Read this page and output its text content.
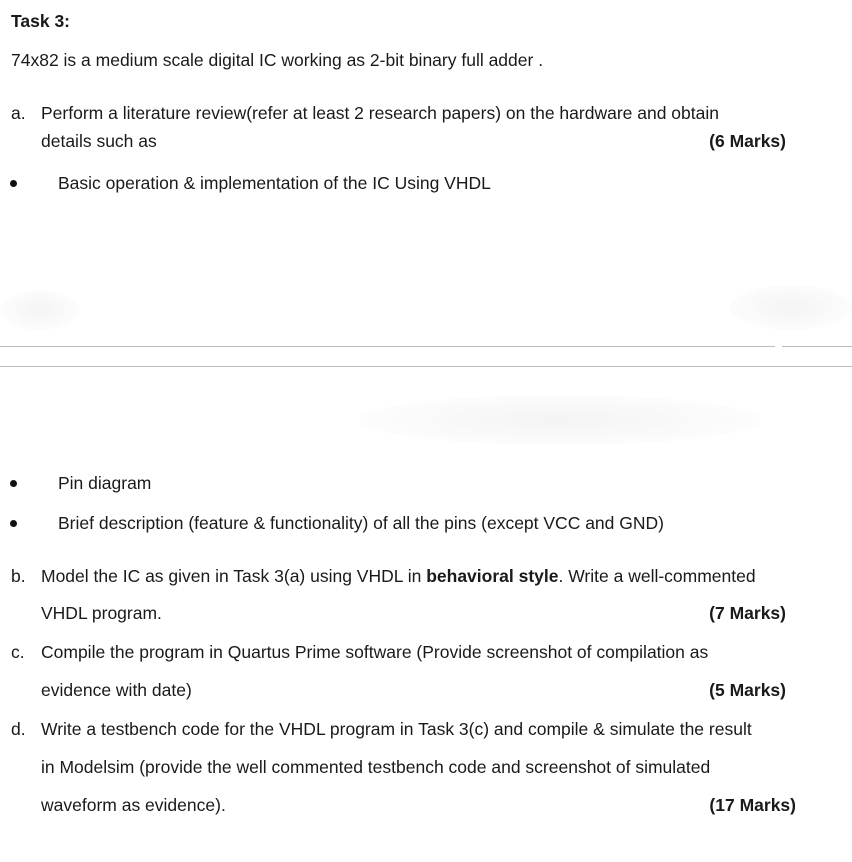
Task 3:
74x82 is a medium scale digital IC working as 2-bit binary full adder .
a. Perform a literature review(refer at least 2 research papers) on the hardware and obtain
details such as	(6 Marks)
Basic operation & implementation of the IC Using VHDL
Pin diagram
Brief description (feature & functionality) of all the pins (except VCC and GND)
b. Model the IC as given in Task 3(a) using VHDL in behavioral style. Write a well-commented
VHDL program.	(7 Marks)
c. Compile the program in Quartus Prime software (Provide screenshot of compilation as
evidence with date)	(5 Marks)
d. Write a testbench code for the VHDL program in Task 3(c) and compile & simulate the result
in Modelsim (provide the well commented testbench code and screenshot of simulated
waveform as evidence).	(17 Marks)
